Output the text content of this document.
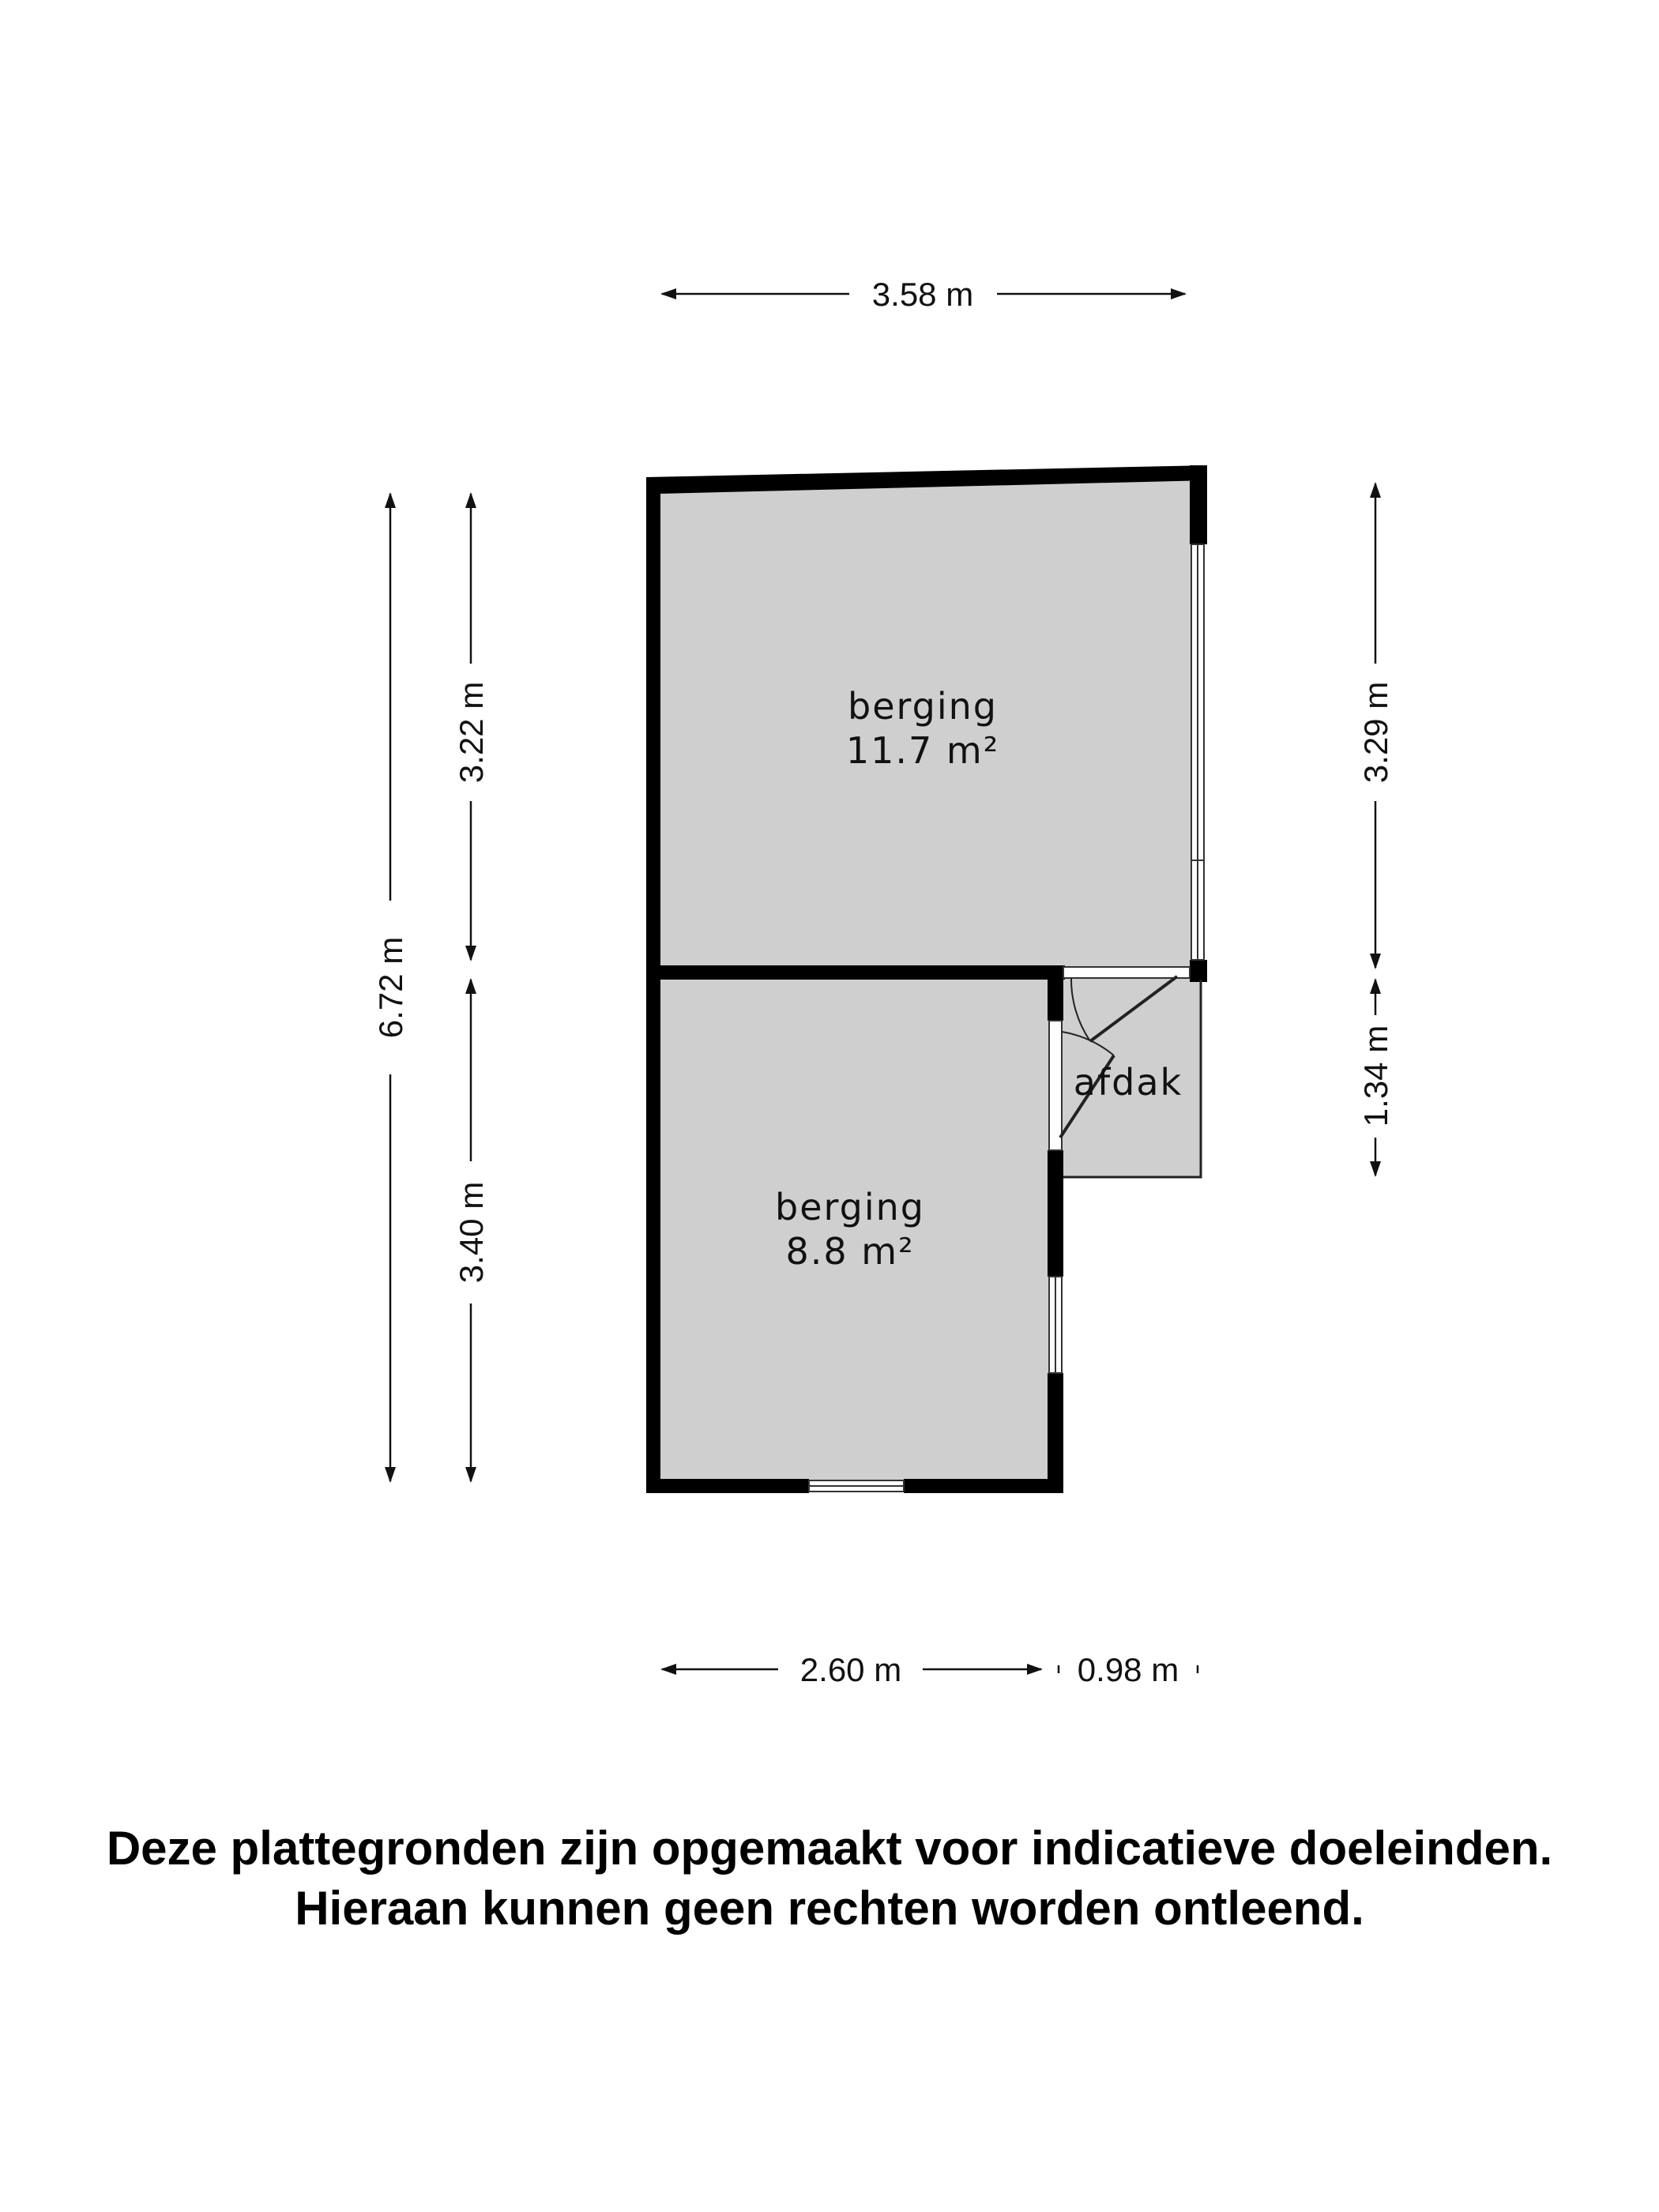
berging
11.7 m²
berging
8.8 m²
afdak
3.58 m
2.60 m	0.98 m
6.72 m
3.22 m
3.40 m
3.29 m
1.34 m
Deze plattegronden zijn opgemaakt voor indicatieve doeleinden.
Hieraan kunnen geen rechten worden ontleend.
